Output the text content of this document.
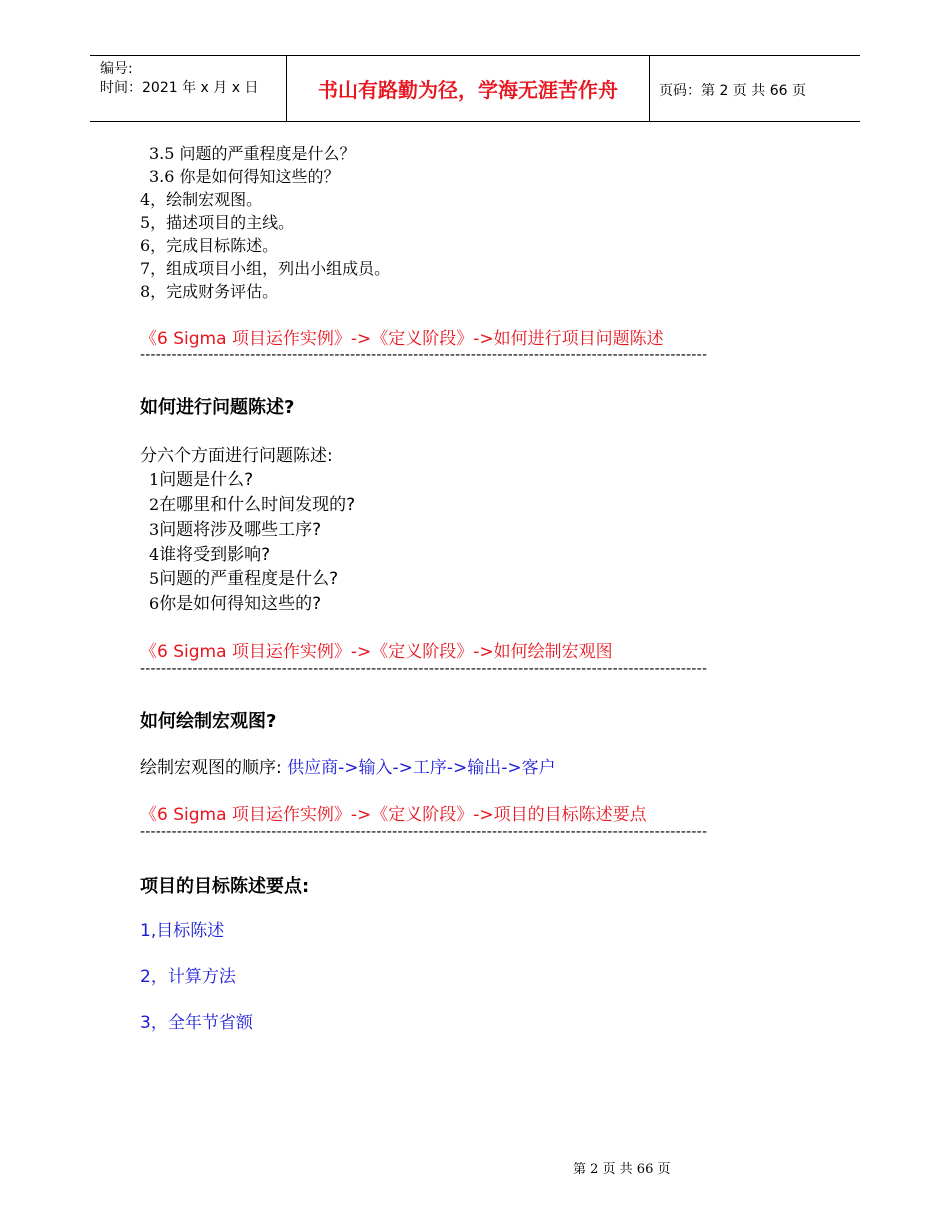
编号:
时间：2021 年 x 月 x 日	书山有路勤为径，学海无涯苦作舟	页码：第 2 页 共 66 页
3.5 问题的严重程度是什么？
3.6 你是如何得知这些的？
4，绘制宏观图。
5，描述项目的主线。
6，完成目标陈述。
7，组成项目小组，列出小组成员。
8，完成财务评估。
《6 Sigma 项目运作实例》->《定义阶段》->如何进行项目问题陈述
------------------------------------------------------------------------------------------------------------
如何进行问题陈述?
分六个方面进行问题陈述:
1问题是什么?
2在哪里和什么时间发现的?
3问题将涉及哪些工序?
4谁将受到影响?
5问题的严重程度是什么?
6你是如何得知这些的?
《6 Sigma 项目运作实例》->《定义阶段》->如何绘制宏观图
------------------------------------------------------------------------------------------------------------
如何绘制宏观图?
绘制宏观图的顺序: 供应商->输入->工序->输出->客户
《6 Sigma 项目运作实例》->《定义阶段》->项目的目标陈述要点
------------------------------------------------------------------------------------------------------------
项目的目标陈述要点:
1,目标陈述
2，计算方法
3，全年节省额
第 2 页 共 66 页
